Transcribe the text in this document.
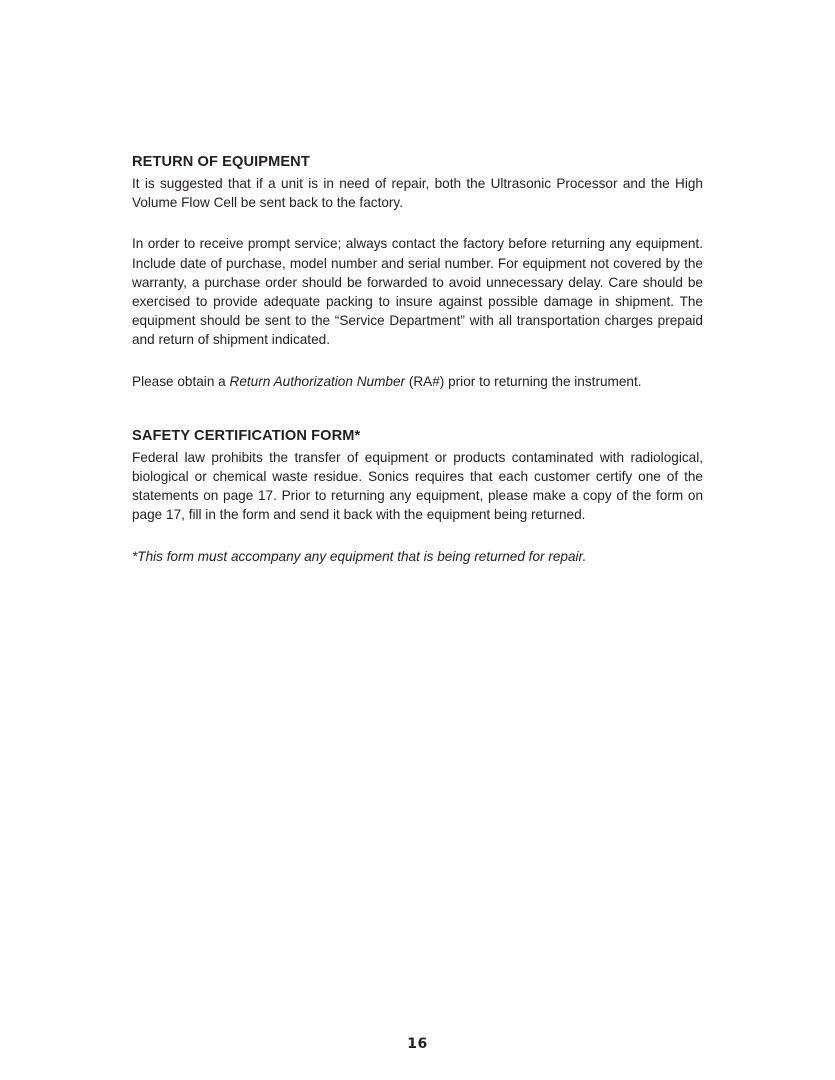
RETURN OF EQUIPMENT

It is suggested that if a unit is in need of repair, both the Ultrasonic Processor and the High Volume Flow Cell be sent back to the factory.

In order to receive prompt service; always contact the factory before returning any equipment. Include date of purchase, model number and serial number. For equipment not covered by the warranty, a purchase order should be forwarded to avoid unnecessary delay. Care should be exercised to provide adequate packing to insure against possible damage in shipment. The equipment should be sent to the “Service Department” with all transportation charges prepaid and return of shipment indicated.

Please obtain a Return Authorization Number (RA#) prior to returning the instrument.

SAFETY CERTIFICATION FORM*

Federal law prohibits the transfer of equipment or products contaminated with radiological, biological or chemical waste residue. Sonics requires that each customer certify one of the statements on page 17. Prior to returning any equipment, please make a copy of the form on page 17, fill in the form and send it back with the equipment being returned.

*This form must accompany any equipment that is being returned for repair.

16
